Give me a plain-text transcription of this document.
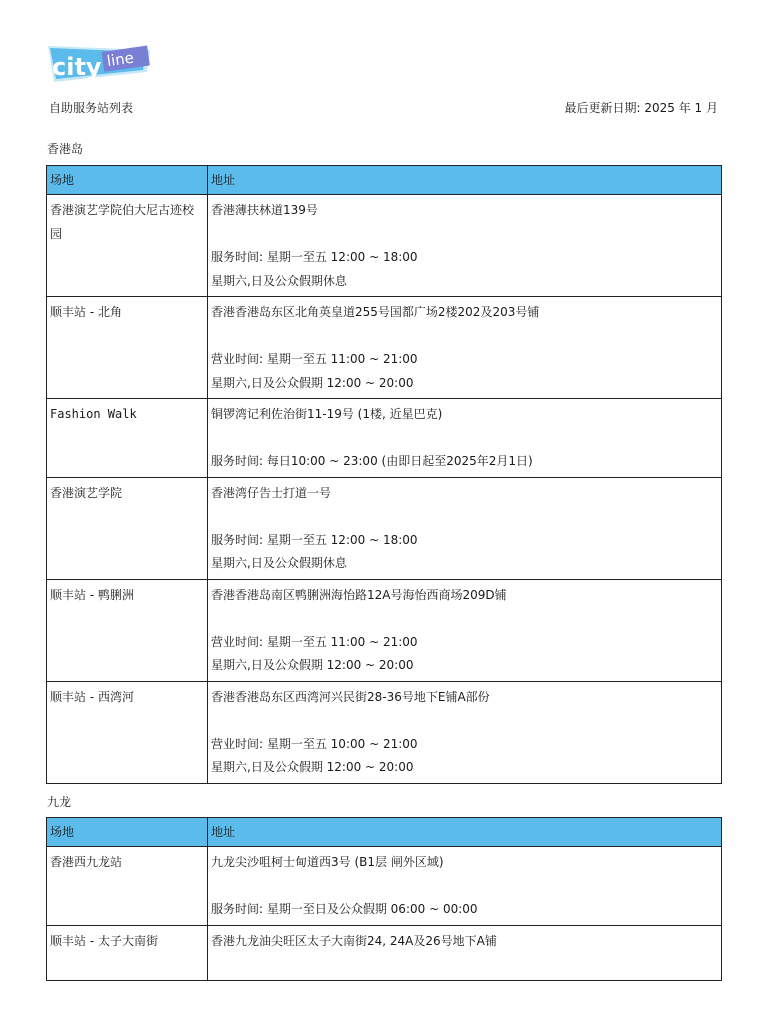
city line
自助服务站列表	最后更新日期: 2025 年 1 月
香港岛
场地	地址
香港演艺学院伯大尼古迹校园	香港薄扶林道139号
服务时间: 星期一至五 12:00 ~ 18:00
星期六,日及公众假期休息

顺丰站 - 北角	香港香港岛东区北角英皇道255号国都广场2楼202及203号铺
营业时间: 星期一至五 11:00 ~ 21:00
星期六,日及公众假期 12:00 ~ 20:00

Fashion Walk	铜锣湾记利佐治街11-19号 (1楼, 近星巴克)
服务时间: 每日10:00 ~ 23:00 (由即日起至2025年2月1日)

香港演艺学院	香港湾仔告士打道一号
服务时间: 星期一至五 12:00 ~ 18:00
星期六,日及公众假期休息

顺丰站 - 鸭脷洲	香港香港岛南区鸭脷洲海怡路12A号海怡西商场209D铺
营业时间: 星期一至五 11:00 ~ 21:00
星期六,日及公众假期 12:00 ~ 20:00

顺丰站 - 西湾河	香港香港岛东区西湾河兴民街28-36号地下E铺A部份
营业时间: 星期一至五 10:00 ~ 21:00
星期六,日及公众假期 12:00 ~ 20:00
九龙
场地	地址
香港西九龙站	九龙尖沙咀柯士甸道西3号 (B1层 闸外区域)
服务时间: 星期一至日及公众假期 06:00 ~ 00:00

顺丰站 - 太子大南街	香港九龙油尖旺区太子大南街24, 24A及26号地下A铺
